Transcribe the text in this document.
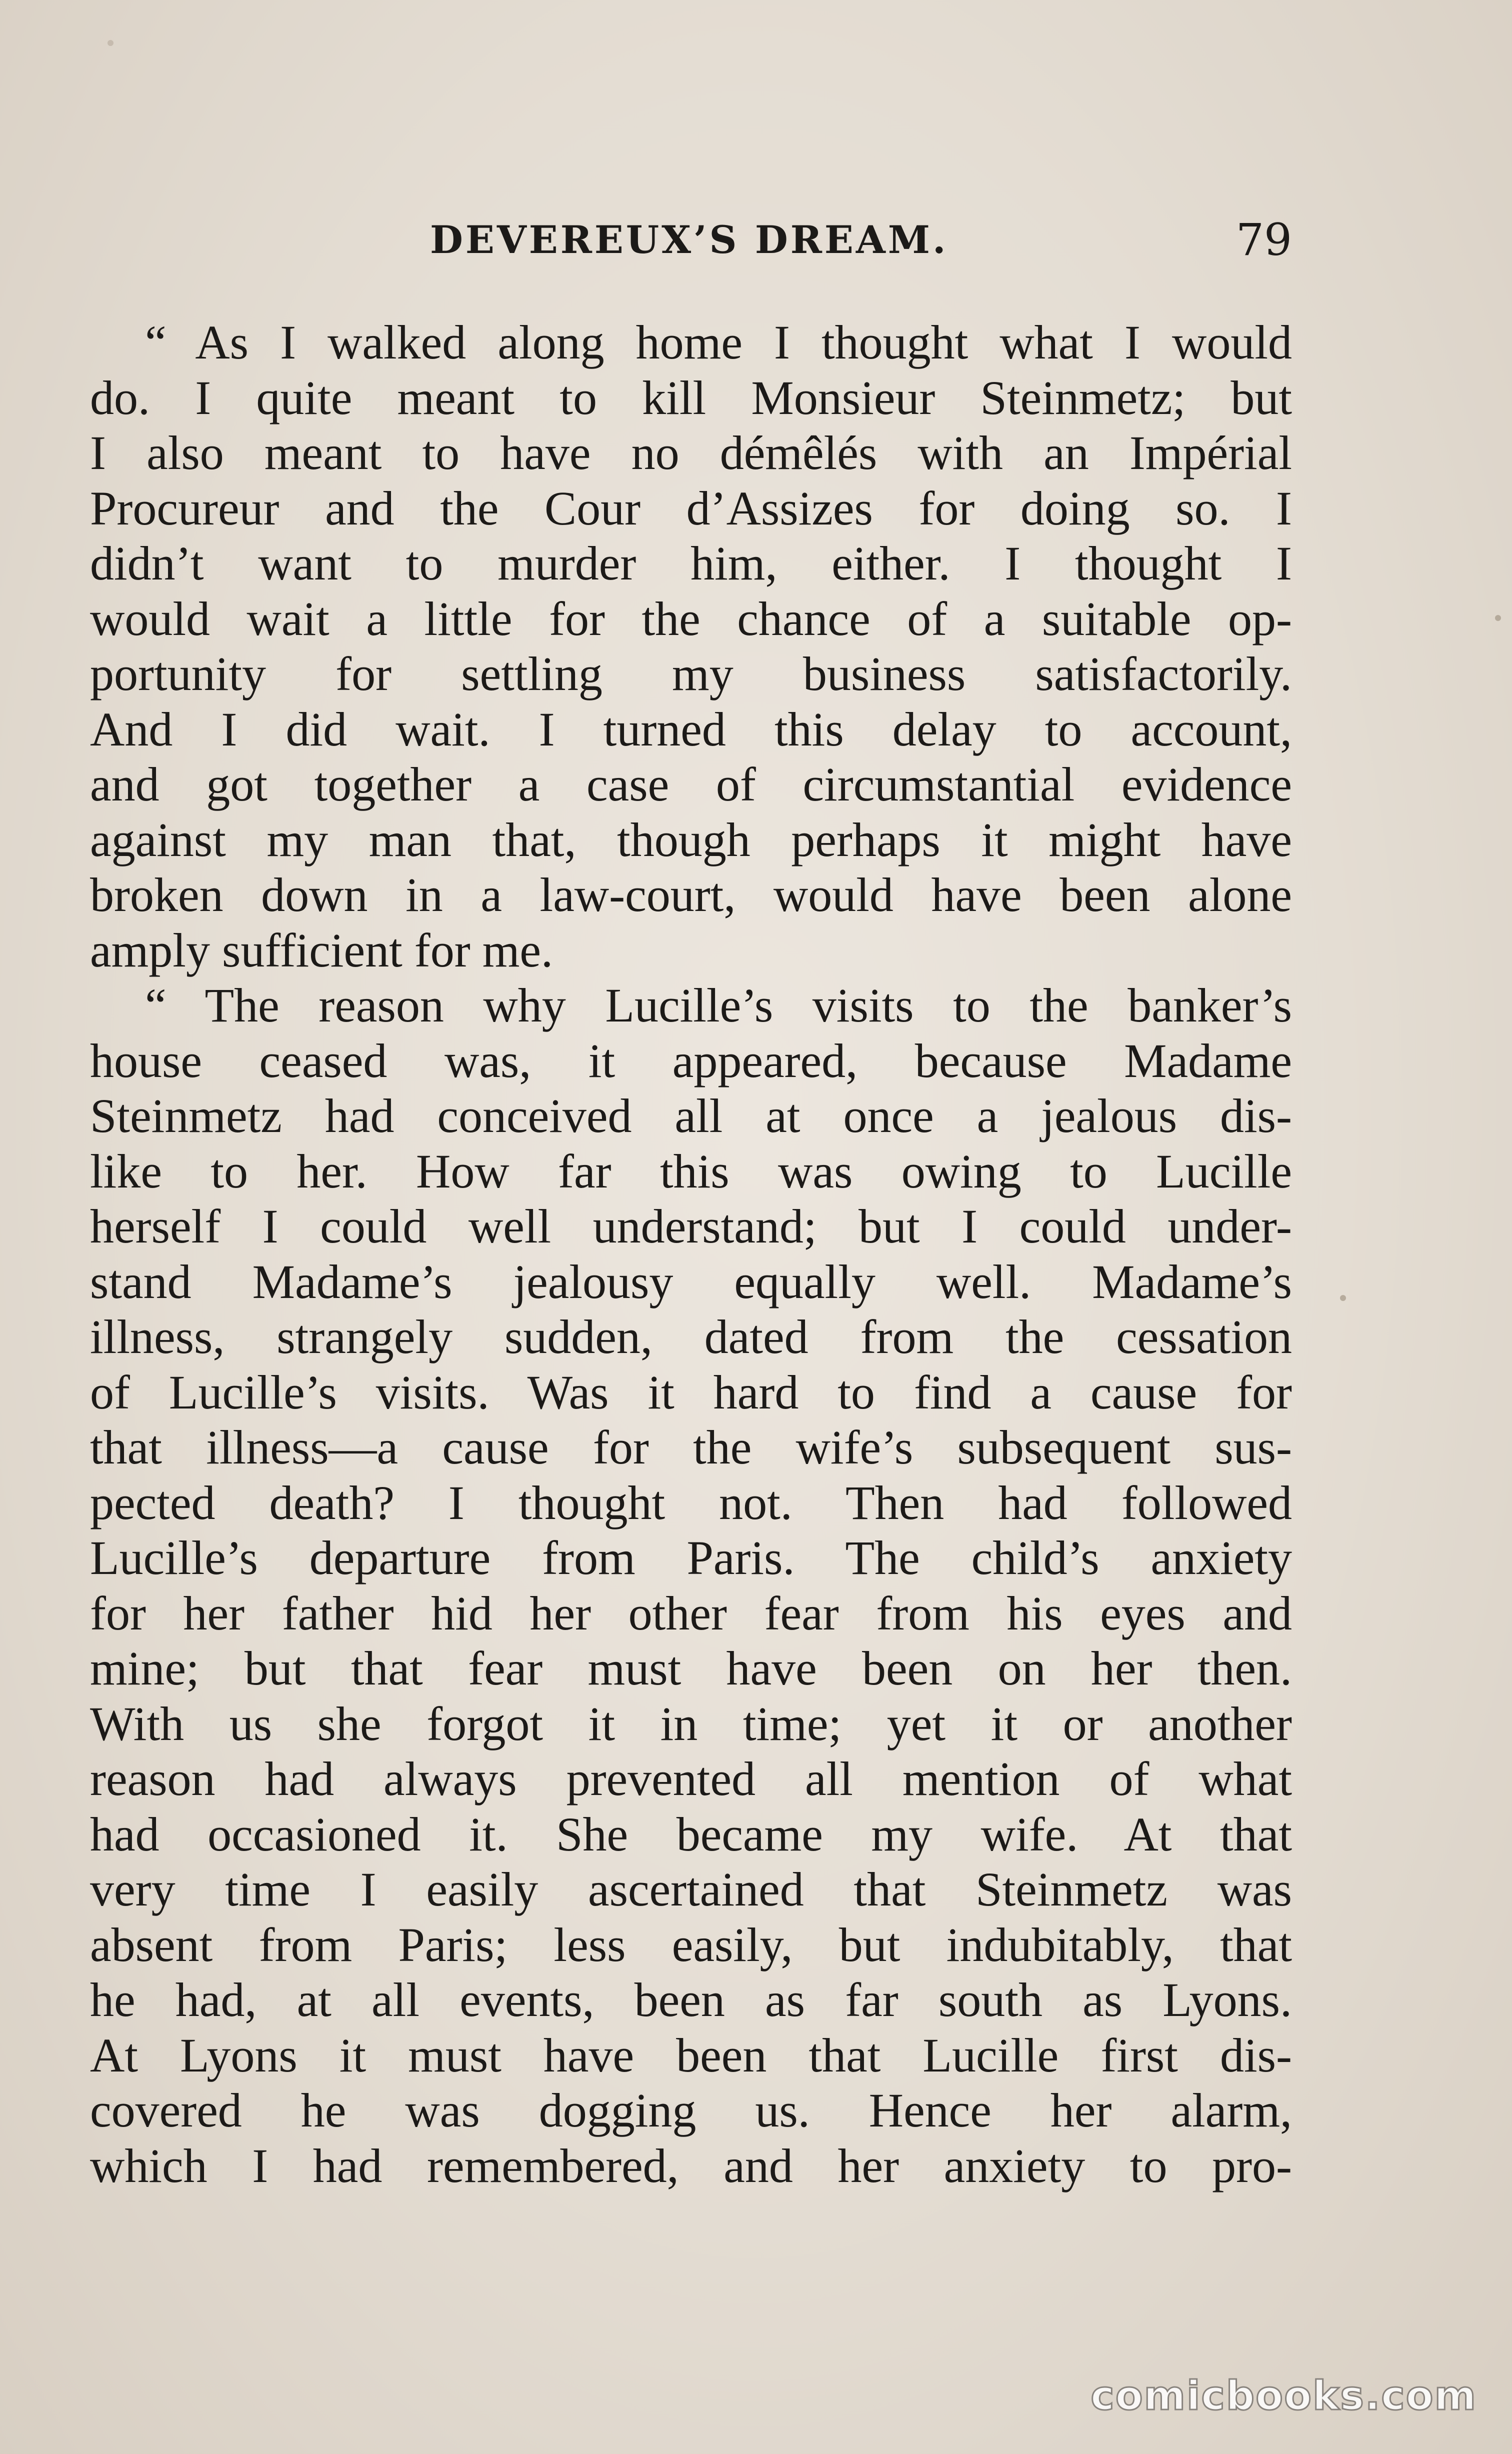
DEVEREUX’S DREAM.	79
“ As I walked along home I thought what I would
do. I quite meant to kill Monsieur Steinmetz; but
I also meant to have no démêlés with an Impérial
Procureur and the Cour d’Assizes for doing so. I
didn’t want to murder him, either. I thought I
would wait a little for the chance of a suitable op-
portunity for settling my business satisfactorily.
And I did wait. I turned this delay to account,
and got together a case of circumstantial evidence
against my man that, though perhaps it might have
broken down in a law-court, would have been alone
amply sufficient for me.
“ The reason why Lucille’s visits to the banker’s
house ceased was, it appeared, because Madame
Steinmetz had conceived all at once a jealous dis-
like to her. How far this was owing to Lucille
herself I could well understand; but I could under-
stand Madame’s jealousy equally well. Madame’s
illness, strangely sudden, dated from the cessation
of Lucille’s visits. Was it hard to find a cause for
that illness—a cause for the wife’s subsequent sus-
pected death? I thought not. Then had followed
Lucille’s departure from Paris. The child’s anxiety
for her father hid her other fear from his eyes and
mine; but that fear must have been on her then.
With us she forgot it in time; yet it or another
reason had always prevented all mention of what
had occasioned it. She became my wife. At that
very time I easily ascertained that Steinmetz was
absent from Paris; less easily, but indubitably, that
he had, at all events, been as far south as Lyons.
At Lyons it must have been that Lucille first dis-
covered he was dogging us. Hence her alarm,
which I had remembered, and her anxiety to pro-
comicbooks.com
